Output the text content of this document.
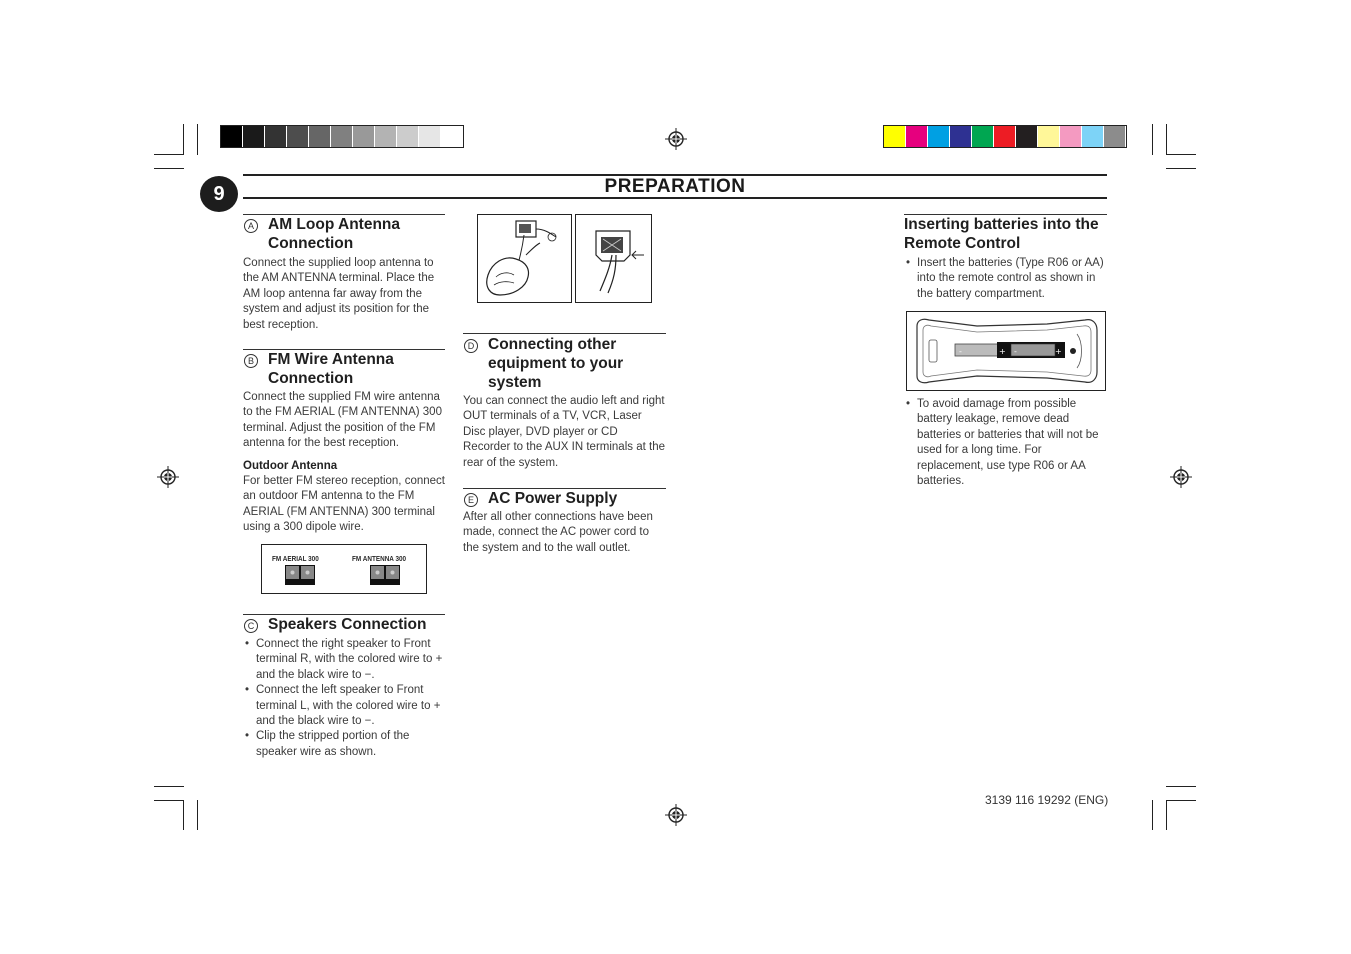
9	PREPARATION
A AM Loop Antenna
Connection
Connect the supplied loop antenna to the AM ANTENNA terminal. Place the AM loop antenna far away from the system and adjust its position for the best reception.
B FM Wire Antenna
Connection
Connect the supplied FM wire antenna to the FM AERIAL (FM ANTENNA) 300 terminal. Adjust the position of the FM antenna for the best reception.
Outdoor Antenna
For better FM stereo reception, connect an outdoor FM antenna to the FM AERIAL (FM ANTENNA) 300 terminal using a 300 dipole wire.
FM AERIAL 300	FM ANTENNA 300
C Speakers Connection
• Connect the right speaker to Front terminal R, with the colored wire to + and the black wire to −.
• Connect the left speaker to Front terminal L, with the colored wire to + and the black wire to −.
• Clip the stripped portion of the speaker wire as shown.
D Connecting other
equipment to your
system
You can connect the audio left and right OUT terminals of a TV, VCR, Laser Disc player, DVD player or CD Recorder to the AUX IN terminals at the rear of the system.
E AC Power Supply
After all other connections have been made, connect the AC power cord to the system and to the wall outlet.
Inserting batteries into the
Remote Control
• Insert the batteries (Type R06 or AA) into the remote control as shown in the battery compartment.
-	+ -	+
• To avoid damage from possible battery leakage, remove dead batteries or batteries that will not be used for a long time. For replacement, use type R06 or AA batteries.
3139 116 19292 (ENG)
